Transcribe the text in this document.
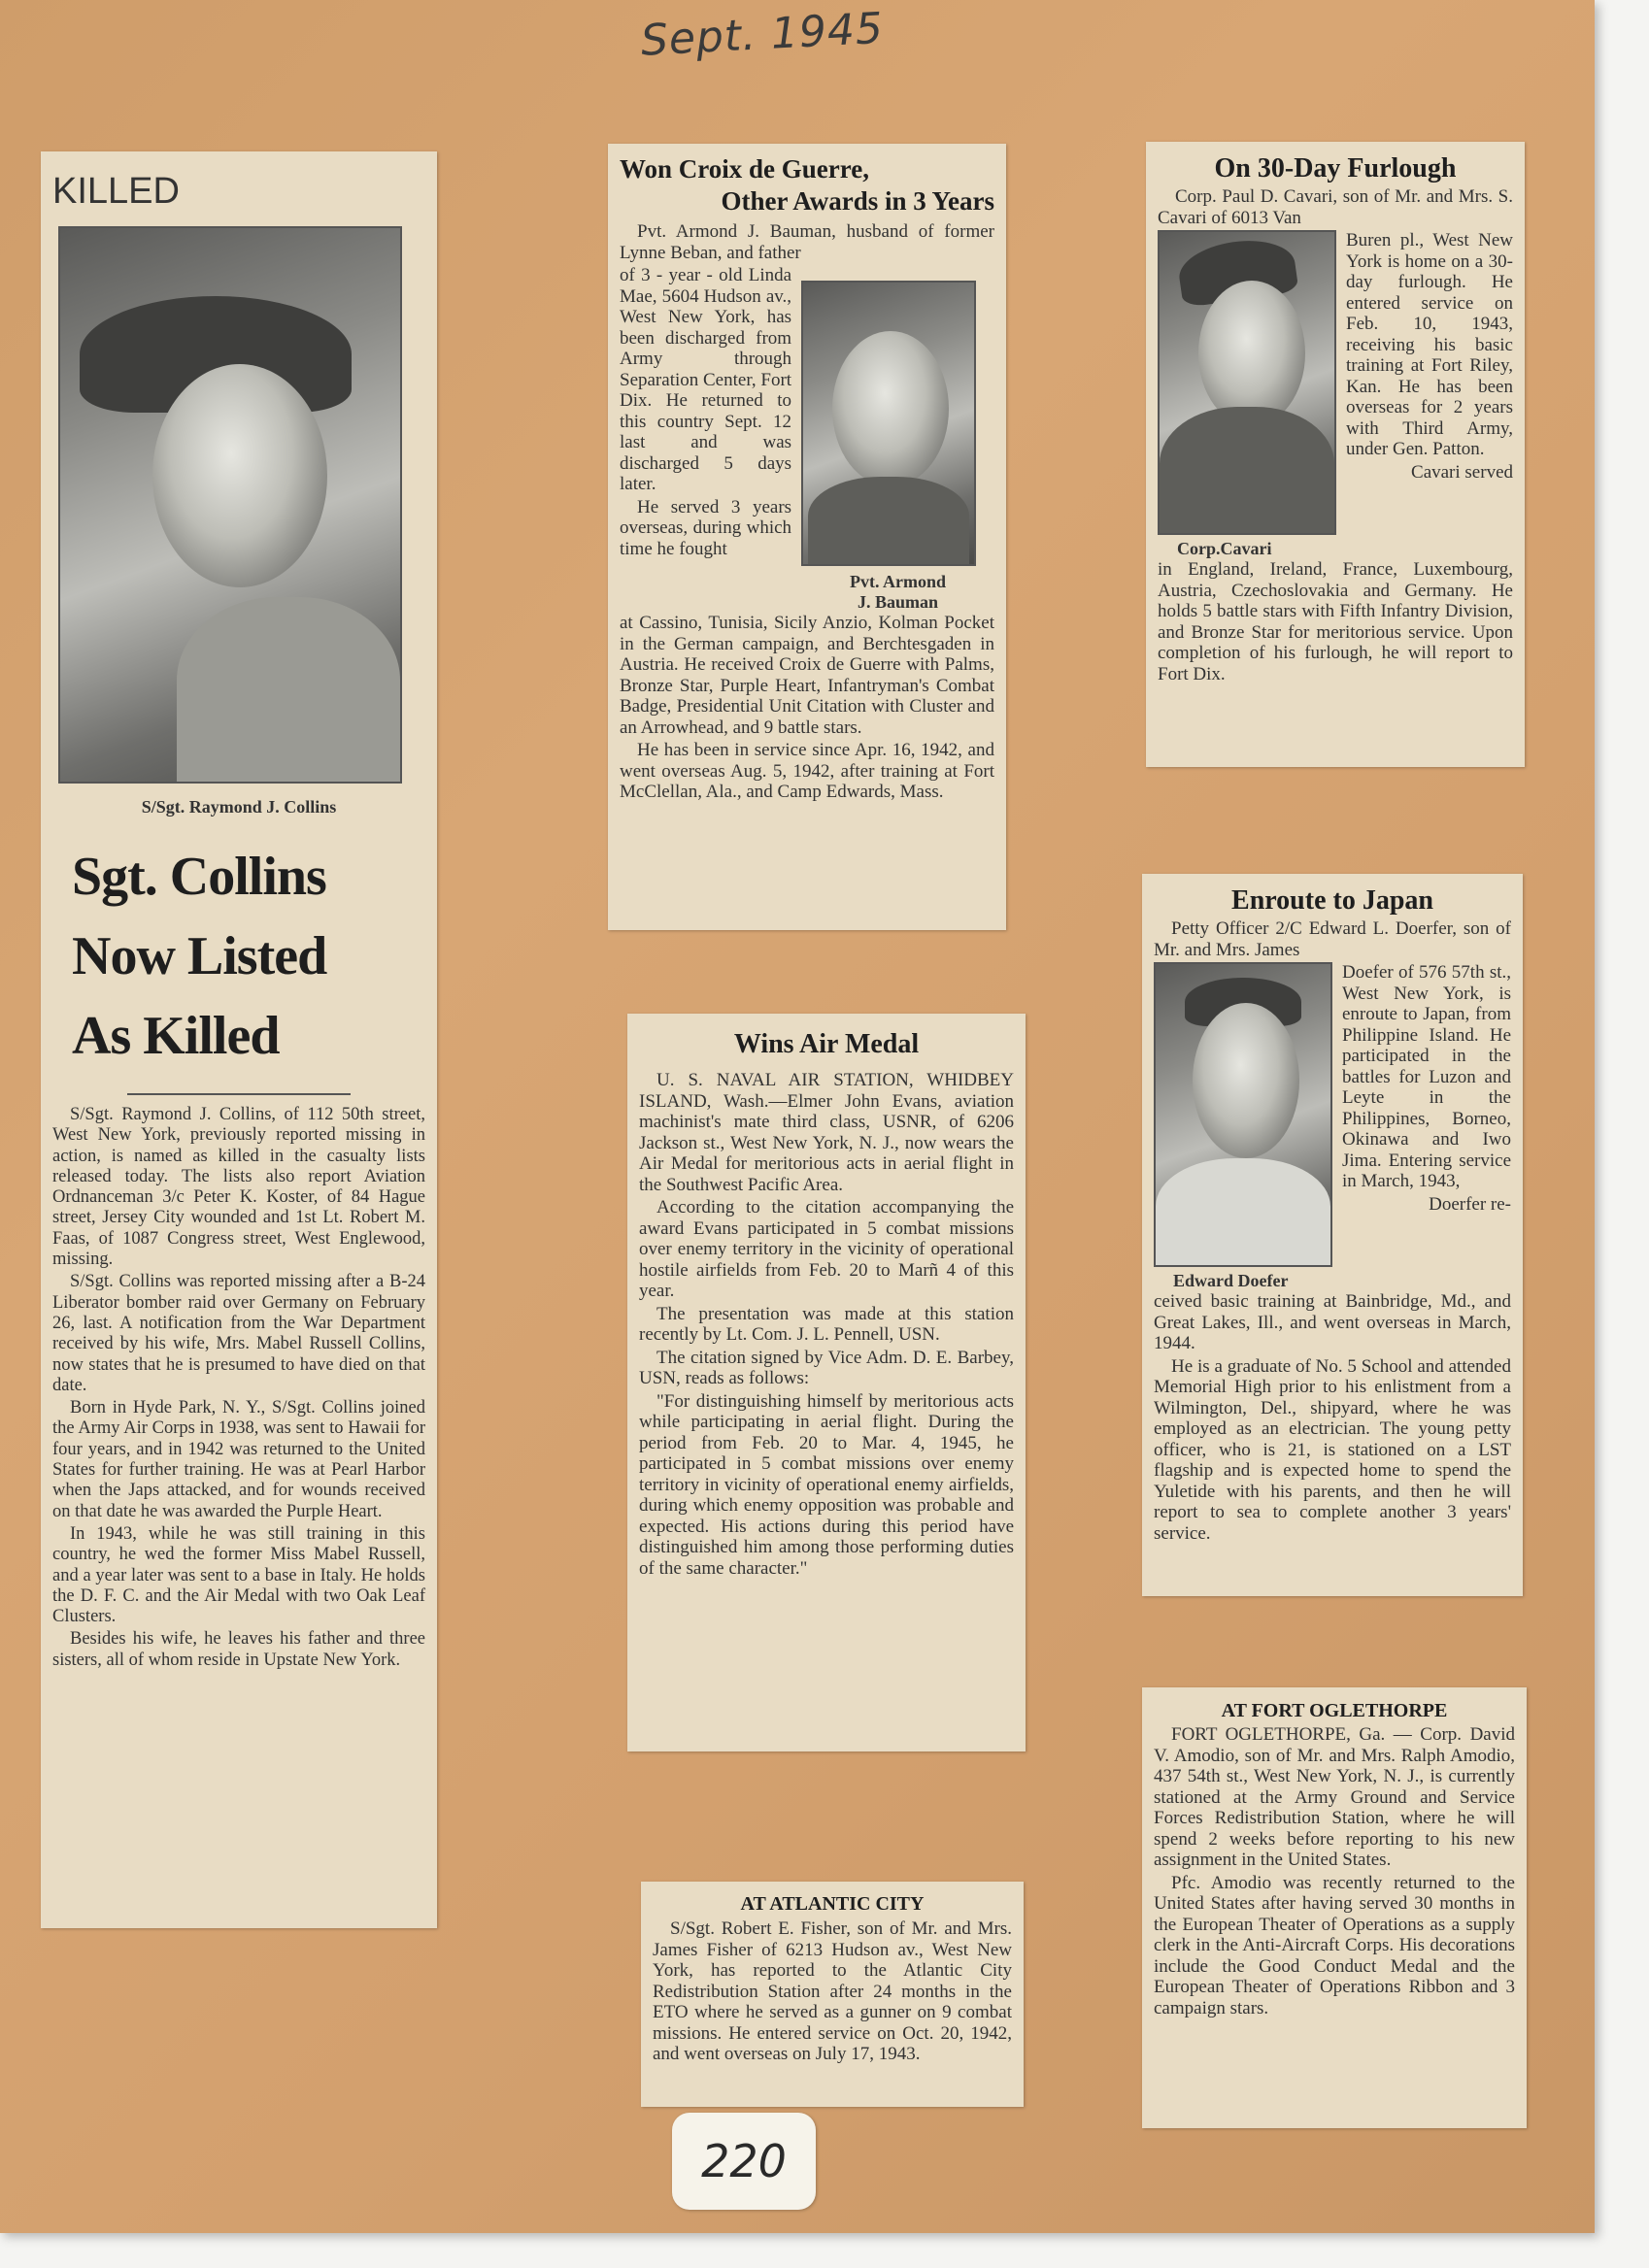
Sept. 1945
KILLED
S/Sgt. Raymond J. Collins
Sgt. Collins
Now Listed
As Killed

S/Sgt. Raymond J. Collins, of 112 50th street, West New York, previously reported missing in action, is named as killed in the casualty lists released today. The lists also report Aviation Ordnanceman 3/c Peter K. Koster, of 84 Hague street, Jersey City wounded and 1st Lt. Robert M. Faas, of 1087 Congress street, West Englewood, missing.

S/Sgt. Collins was reported missing after a B-24 Liberator bomber raid over Germany on February 26, last. A notification from the War Department received by his wife, Mrs. Mabel Russell Collins, now states that he is presumed to have died on that date.

Born in Hyde Park, N. Y., S/Sgt. Collins joined the Army Air Corps in 1938, was sent to Hawaii for four years, and in 1942 was returned to the United States for further training. He was at Pearl Harbor when the Japs attacked, and for wounds received on that date he was awarded the Purple Heart.

In 1943, while he was still training in this country, he wed the former Miss Mabel Russell, and a year later was sent to a base in Italy. He holds the D. F. C. and the Air Medal with two Oak Leaf Clusters.

Besides his wife, he leaves his father and three sisters, all of whom reside in Upstate New York.

Won Croix de Guerre,
Other Awards in 3 Years

Pvt. Armond J. Bauman, husband of former Lynne Beban, and father

of 3 - year - old Linda Mae, 5604 Hudson av., West New York, has been discharged from Army through Separation Center, Fort Dix. He returned to this country Sept. 12 last and was discharged 5 days later.

He served 3 years overseas, during which time he fought

Pvt. Armond
J. Bauman

at Cassino, Tunisia, Sicily Anzio, Kolman Pocket in the German campaign, and Berchtesgaden in Austria. He received Croix de Guerre with Palms, Bronze Star, Purple Heart, Infantryman's Combat Badge, Presidential Unit Citation with Cluster and an Arrowhead, and 9 battle stars.

He has been in service since Apr. 16, 1942, and went overseas Aug. 5, 1942, after training at Fort McClellan, Ala., and Camp Edwards, Mass.

Wins Air Medal

U. S. NAVAL AIR STATION, WHIDBEY ISLAND, Wash.—Elmer John Evans, aviation machinist's mate third class, USNR, of 6206 Jackson st., West New York, N. J., now wears the Air Medal for meritorious acts in aerial flight in the Southwest Pacific Area.

According to the citation accompanying the award Evans participated in 5 combat missions over enemy territory in the vicinity of operational hostile airfields from Feb. 20 to Marñ 4 of this year.

The presentation was made at this station recently by Lt. Com. J. L. Pennell, USN.

The citation signed by Vice Adm. D. E. Barbey, USN, reads as follows:

"For distinguishing himself by meritorious acts while participating in aerial flight. During the period from Feb. 20 to Mar. 4, 1945, he participated in 5 combat missions over enemy territory in vicinity of operational enemy airfields, during which enemy opposition was probable and expected. His actions during this period have distinguished him among those performing duties of the same character."

AT ATLANTIC CITY

S/Sgt. Robert E. Fisher, son of Mr. and Mrs. James Fisher of 6213 Hudson av., West New York, has reported to the Atlantic City Redistribution Station after 24 months in the ETO where he served as a gunner on 9 combat missions. He entered service on Oct. 20, 1942, and went overseas on July 17, 1943.

On 30-Day Furlough

Corp. Paul D. Cavari, son of Mr. and Mrs. S. Cavari of 6013 Van

Corp.Cavari

Buren pl., West New York is home on a 30-day furlough. He entered service on Feb. 10, 1943, receiving his basic training at Fort Riley, Kan. He has been overseas for 2 years with Third Army, under Gen. Patton.

Cavari served

in England, Ireland, France, Luxembourg, Austria, Czechoslovakia and Germany. He holds 5 battle stars with Fifth Infantry Division, and Bronze Star for meritorious service. Upon completion of his furlough, he will report to Fort Dix.

Enroute to Japan

Petty Officer 2/C Edward L. Doerfer, son of Mr. and Mrs. James

Edward Doefer

Doefer of 576 57th st., West New York, is enroute to Japan, from Philippine Island. He participated in the battles for Luzon and Leyte in the Philippines, Borneo, Okinawa and Iwo Jima. Entering service in March, 1943,

Doerfer re-

ceived basic training at Bainbridge, Md., and Great Lakes, Ill., and went overseas in March, 1944.

He is a graduate of No. 5 School and attended Memorial High prior to his enlistment from a Wilmington, Del., shipyard, where he was employed as an electrician. The young petty officer, who is 21, is stationed on a LST flagship and is expected home to spend the Yuletide with his parents, and then he will report to sea to complete another 3 years' service.

AT FORT OGLETHORPE

FORT OGLETHORPE, Ga. — Corp. David V. Amodio, son of Mr. and Mrs. Ralph Amodio, 437 54th st., West New York, N. J., is currently stationed at the Army Ground and Service Forces Redistribution Station, where he will spend 2 weeks before reporting to his new assignment in the United States.

Pfc. Amodio was recently returned to the United States after having served 30 months in the European Theater of Operations as a supply clerk in the Anti-Aircraft Corps. His decorations include the Good Conduct Medal and the European Theater of Operations Ribbon and 3 campaign stars.

220
